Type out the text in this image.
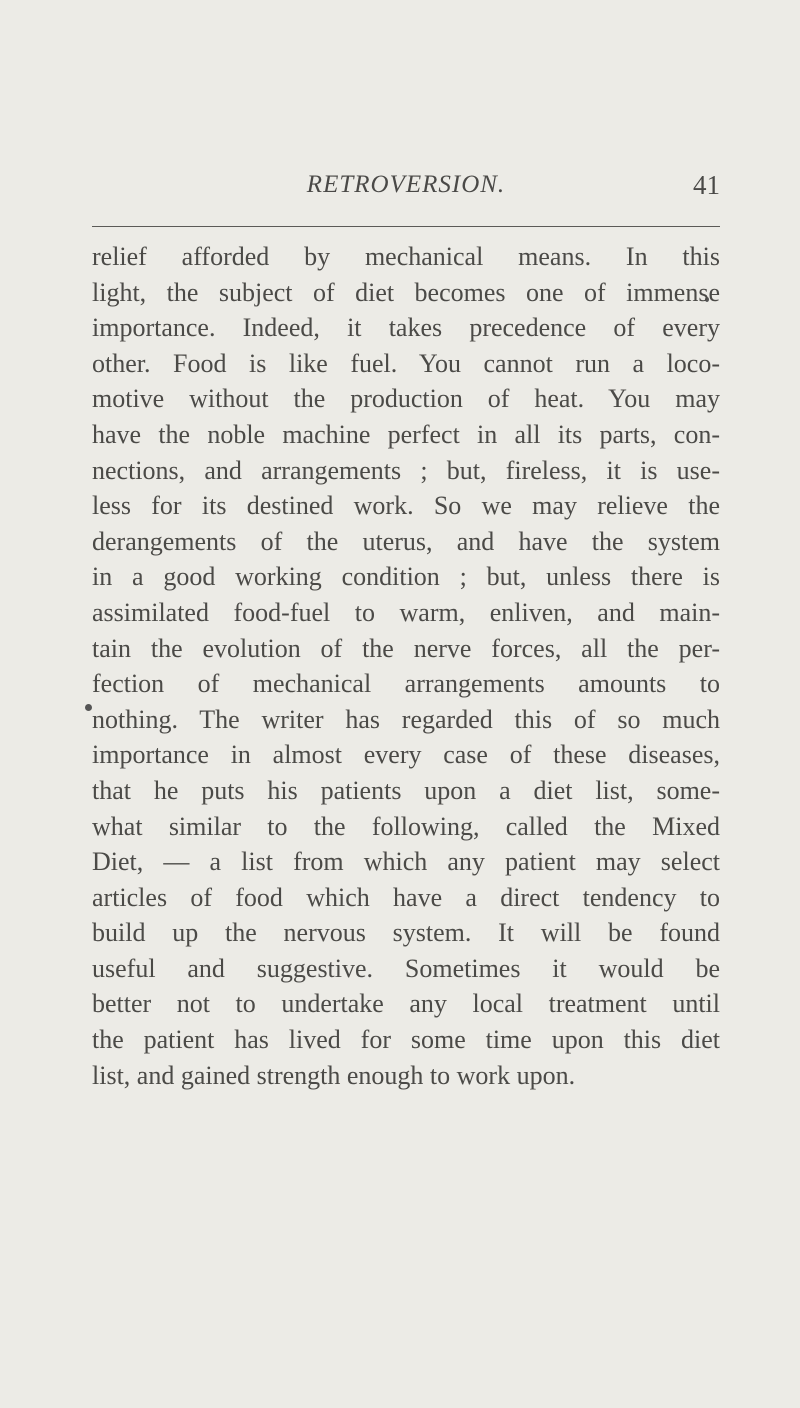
RETROVERSION.	41
relief afforded by mechanical means. In this
light, the subject of diet becomes one of immense
importance. Indeed, it takes precedence of every
other. Food is like fuel. You cannot run a loco-
motive without the production of heat. You may
have the noble machine perfect in all its parts, con-
nections, and arrangements ; but, fireless, it is use-
less for its destined work. So we may relieve the
derangements of the uterus, and have the system
in a good working condition ; but, unless there is
assimilated food-fuel to warm, enliven, and main-
tain the evolution of the nerve forces, all the per-
fection of mechanical arrangements amounts to
nothing. The writer has regarded this of so much
importance in almost every case of these diseases,
that he puts his patients upon a diet list, some-
what similar to the following, called the Mixed
Diet, — a list from which any patient may select
articles of food which have a direct tendency to
build up the nervous system. It will be found
useful and suggestive. Sometimes it would be
better not to undertake any local treatment until
the patient has lived for some time upon this diet
list, and gained strength enough to work upon.
